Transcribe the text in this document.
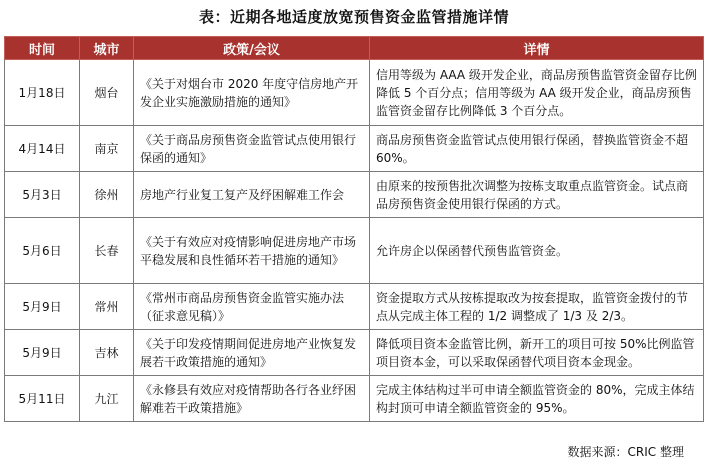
表：近期各地适度放宽预售资金监管措施详情
时间	城市	政策/会议	详情
1月18日	烟台	《关于对烟台市 2020 年度守信房地产开发企业实施激励措施的通知》	信用等级为 AAA 级开发企业，商品房预售监管资金留存比例降低 5 个百分点；信用等级为 AA 级开发企业，商品房预售监管资金留存比例降低 3 个百分点。
4月14日	南京	《关于商品房预售资金监管试点使用银行保函的通知》	商品房预售资金监管试点使用银行保函，替换监管资金不超 60%。
5月3日	徐州	房地产行业复工复产及纾困解难工作会	由原来的按预售批次调整为按栋支取重点监管资金。试点商品房预售资金使用银行保函的方式。
5月6日	长春	《关于有效应对疫情影响促进房地产市场平稳发展和良性循环若干措施的通知》	允许房企以保函替代预售监管资金。
5月9日	常州	《常州市商品房预售资金监管实施办法（征求意见稿）》	资金提取方式从按栋提取改为按套提取，监管资金拨付的节点从完成主体工程的 1/2 调整成了 1/3 及 2/3。
5月9日	吉林	《关于印发疫情期间促进房地产业恢复发展若干政策措施的通知》	降低项目资本金监管比例，新开工的项目可按 50%比例监管项目资本金，可以采取保函替代项目资本金现金。
5月11日	九江	《永修县有效应对疫情帮助各行各业纾困解难若干政策措施》	完成主体结构过半可申请全额监管资金的 80%，完成主体结构封顶可申请全额监管资金的 95%。
数据来源：CRIC 整理
